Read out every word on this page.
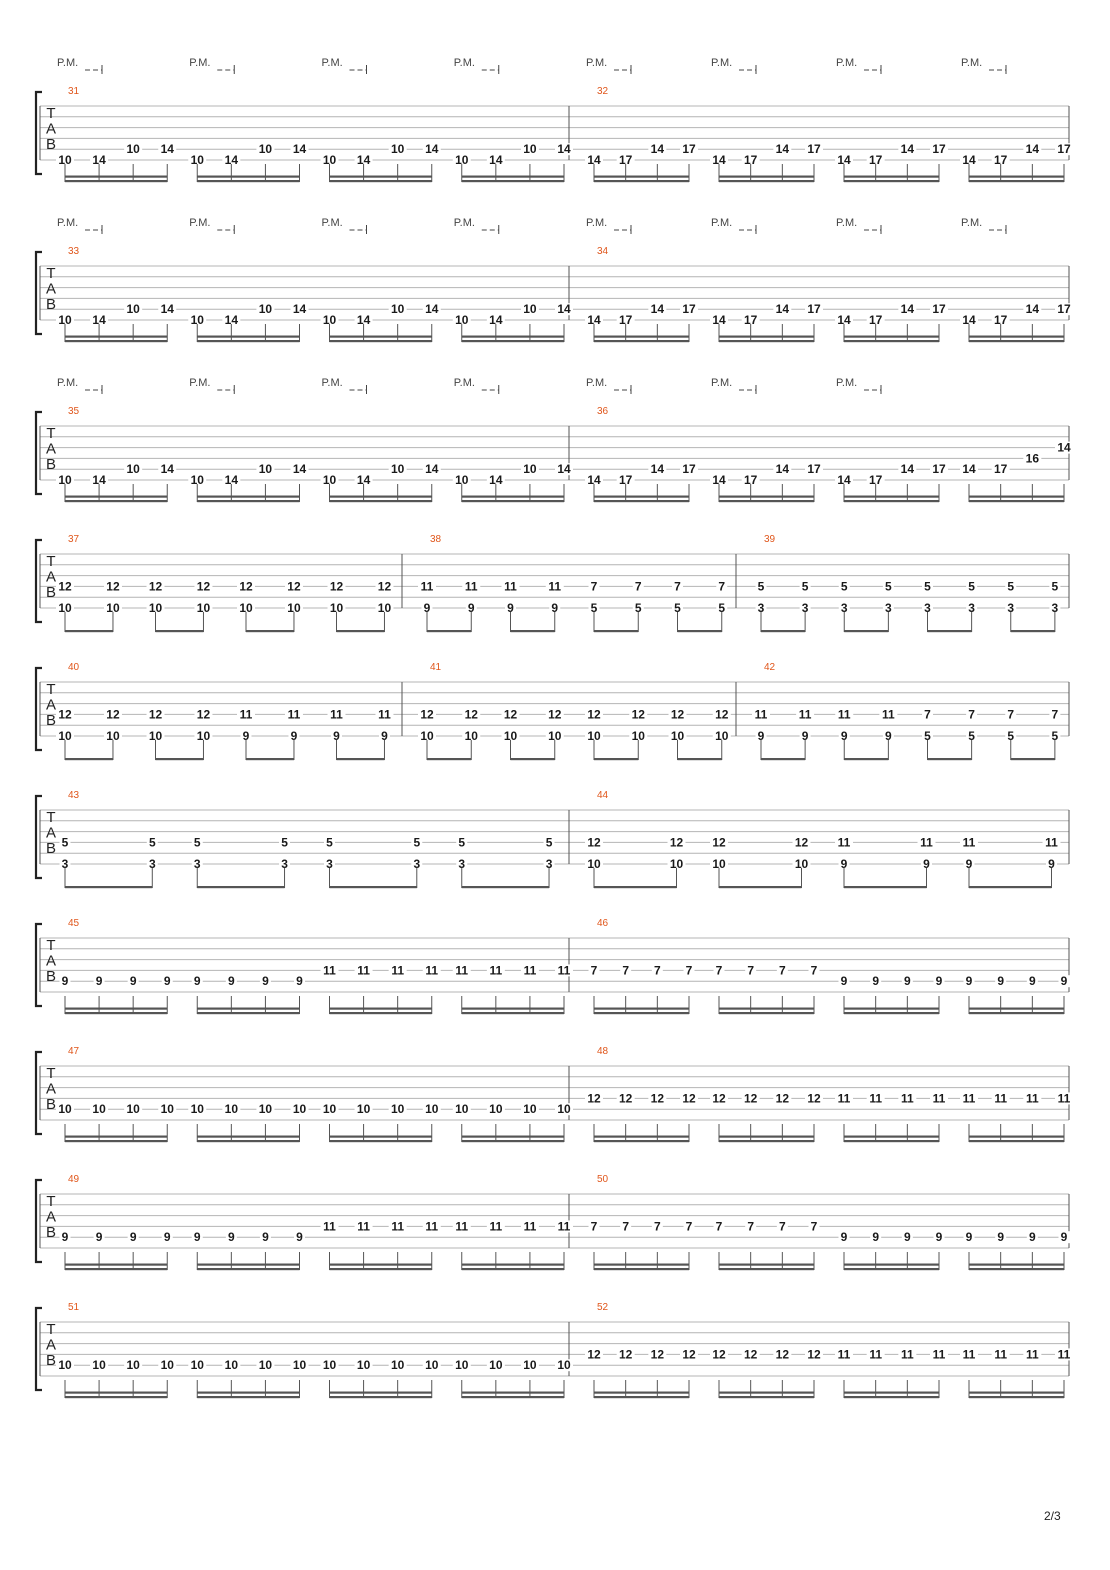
T
A
B
31
P.M.	P.M.	P.M.	P.M.
10 14
10 14
10 14
10 14
10 14
10 14
10 14
10 14
32
P.M.	P.M.	P.M.	P.M.
14 17
14 17
14 17
14 17
14 17
14 17
14 17
14 17
T
A
B
33
P.M.	P.M.	P.M.	P.M.
10 14
10 14
10 14
10 14
10 14
10 14
10 14
10 14
34
P.M.	P.M.	P.M.	P.M.
14 17
14 17
14 17
14 17
14 17
14 17
14 17
14 17
T
A
B
35
P.M.	P.M.	P.M.	P.M.
10 14
10 14
10 14
10 14
10 14
10 14
10 14
10 14
36
P.M.	P.M.	P.M.
14 17
14 17
14 17
14 17
14 17
14 17 14 17
16
14
T
A
B
37
12
10
12
10
12
10
12
10
12
10
12
10
12
10
12
10
38
11
9
11
9
11
9
11
9
7
5
7
5
7
5
7
5
39
5
3
5
3
5
3
5
3
5
3
5
3
5
3
5
3
T
A
B
40
12
10
12
10
12
10
12
10
11
9
11
9
11
9
11
9
41
12
10
12
10
12
10
12
10
12
10
12
10
12
10
12
10
42
11
9
11
9
11
9
11
9
7
5
7
5
7
5
7
5
T
A
B
43
5
3
5
3
5
3
5
3
5
3
5
3
5
3
5
3
44
12
10
12
10
12
10
12
10
11
9
11
9
11
9
11
9
T
A
B
45
9 9 9 9 9 9 9 9
11 11 11 11 11 11 11 11
46
7 7 7 7 7 7 7 7
9 9 9 9 9 9 9 9
T
A
B
47
10 10 10 10 10 10 10 10 10 10 10 10 10 10 10 10
48
12 12 12 12 12 12 12 12 11 11 11 11 11 11 11 11
T
A
B
49
9 9 9 9 9 9 9 9
11 11 11 11 11 11 11 11
50
7 7 7 7 7 7 7 7
9 9 9 9 9 9 9 9
T
A
B
51
10 10 10 10 10 10 10 10 10 10 10 10 10 10 10 10
52
12 12 12 12 12 12 12 12 11 11 11 11 11 11 11 11
2/3
